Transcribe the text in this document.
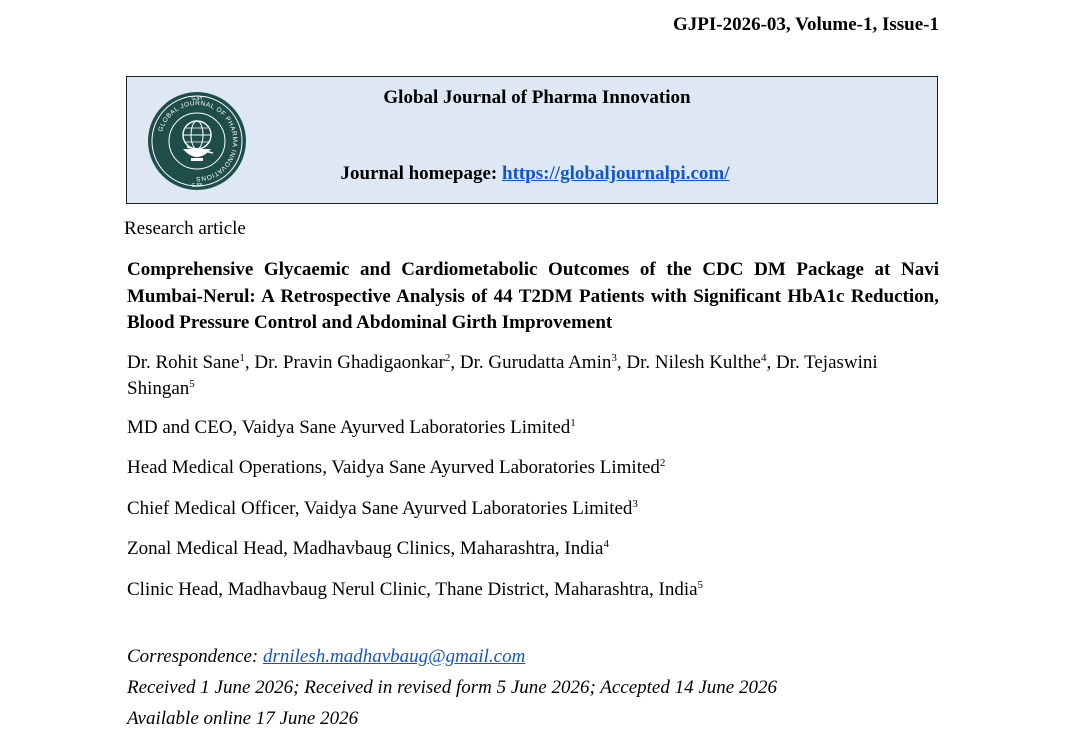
GJPI-2026-03, Volume-1, Issue-1
GLOBAL JOURNAL OF PHARMA INNOVATIONS
GJPI
GJPI
Global Journal of Pharma Innovation
Journal homepage: https://globaljournalpi.com/
Research article
Comprehensive Glycaemic and Cardiometabolic Outcomes of the CDC DM Package at Navi Mumbai-Nerul: A Retrospective Analysis of 44 T2DM Patients with Significant HbA1c Reduction, Blood Pressure Control and Abdominal Girth Improvement
Dr. Rohit Sane$^1$, Dr. Pravin Ghadigaonkar$^2$, Dr. Gurudatta Amin$^3$, Dr. Nilesh Kulthe$^4$, Dr. Tejaswini Shingan$^5$
MD and CEO, Vaidya Sane Ayurved Laboratories Limited$^1$
Head Medical Operations, Vaidya Sane Ayurved Laboratories Limited$^2$
Chief Medical Officer, Vaidya Sane Ayurved Laboratories Limited$^3$
Zonal Medical Head, Madhavbaug Clinics, Maharashtra, India$^4$
Clinic Head, Madhavbaug Nerul Clinic, Thane District, Maharashtra, India$^5$
Correspondence: drnilesh.madhavbaug@gmail.com
Received 1 June 2026; Received in revised form 5 June 2026; Accepted 14 June 2026
Available online 17 June 2026
